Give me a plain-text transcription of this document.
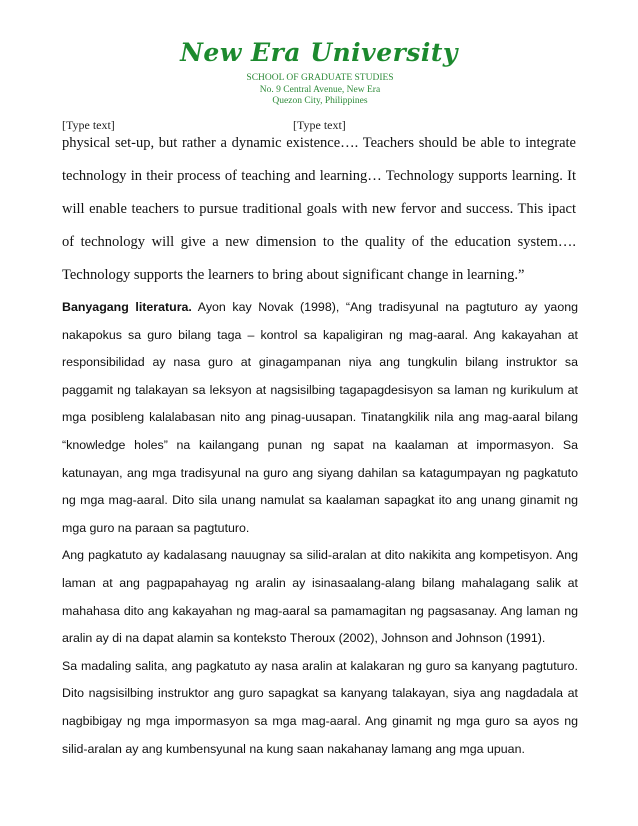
New Era University
SCHOOL OF GRADUATE STUDIES
No. 9 Central Avenue, New Era
Quezon City, Philippines
[Type text]	[Type text]
physical set-up, but rather a dynamic existence…. Teachers should be able to integrate
technology in their process of teaching and learning… Technology supports learning. It
will enable teachers to pursue traditional goals with new fervor and success. This ipact
of technology will give a new dimension to the quality of the education system….
Technology supports the learners to bring about significant change in learning.”
Banyagang literatura. Ayon kay Novak (1998), “Ang tradisyunal na pagtuturo ay yaong
nakapokus sa guro bilang taga – kontrol sa kapaligiran ng mag-aaral. Ang kakayahan at
responsibilidad ay nasa guro at ginagampanan niya ang tungkulin bilang instruktor sa
paggamit ng talakayan sa leksyon at nagsisilbing tagapagdesisyon sa laman ng kurikulum at
mga posibleng kalalabasan nito ang pinag-uusapan. Tinatangkilik nila ang mag-aaral bilang
“knowledge holes” na kailangang punan ng sapat na kaalaman at impormasyon. Sa
katunayan, ang mga tradisyunal na guro ang siyang dahilan sa katagumpayan ng pagkatuto
ng mga mag-aaral. Dito sila unang namulat sa kaalaman sapagkat ito ang unang ginamit ng
mga guro na paraan sa pagtuturo.
Ang pagkatuto ay kadalasang nauugnay sa silid-aralan at dito nakikita ang kompetisyon. Ang
laman at ang pagpapahayag ng aralin ay isinasaalang-alang bilang mahalagang salik at
mahahasa dito ang kakayahan ng mag-aaral sa pamamagitan ng pagsasanay. Ang laman ng
aralin ay di na dapat alamin sa konteksto Theroux (2002), Johnson and Johnson (1991).
Sa madaling salita, ang pagkatuto ay nasa aralin at kalakaran ng guro sa kanyang pagtuturo.
Dito nagsisilbing instruktor ang guro sapagkat sa kanyang talakayan, siya ang nagdadala at
nagbibigay ng mga impormasyon sa mga mag-aaral. Ang ginamit ng mga guro sa ayos ng
silid-aralan ay ang kumbensyunal na kung saan nakahanay lamang ang mga upuan.
